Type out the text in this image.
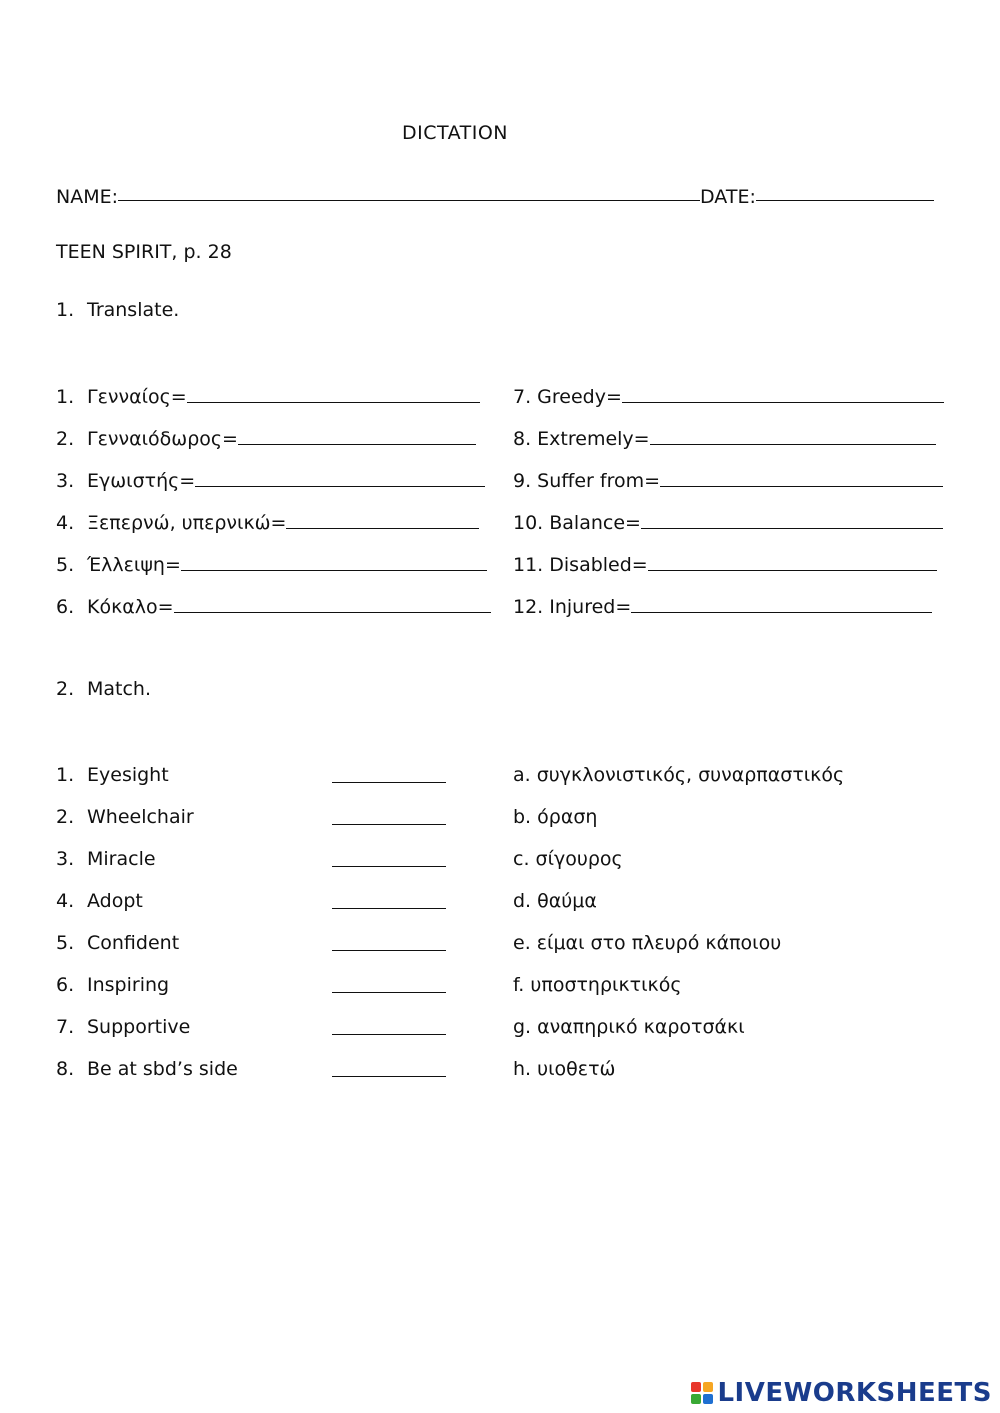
DICTATION
NAME:	DATE:
TEEN SPIRIT, p. 28
1. Translate.
1. Γενναίος=
2. Γενναιόδωρος=
3. Εγωιστής=
4. Ξεπερνώ, υπερνικώ=
5. Έλλειψη=
6. Κόκαλο=
7. Greedy=
8. Extremely=
9. Suffer from=
10. Balance=
11. Disabled=
12. Injured=
2. Match.
1. Eyesight
2. Wheelchair
3. Miracle
4. Adopt
5. Confident
6. Inspiring
7. Supportive
8. Be at sbd’s side
a. συγκλονιστικός, συναρπαστικός
b. όραση
c. σίγουρος
d. θαύμα
e. είμαι στο πλευρό κάποιου
f. υποστηρικτικός
g. αναπηρικό καροτσάκι
h. υιοθετώ
LIVEWORKSHEETS
